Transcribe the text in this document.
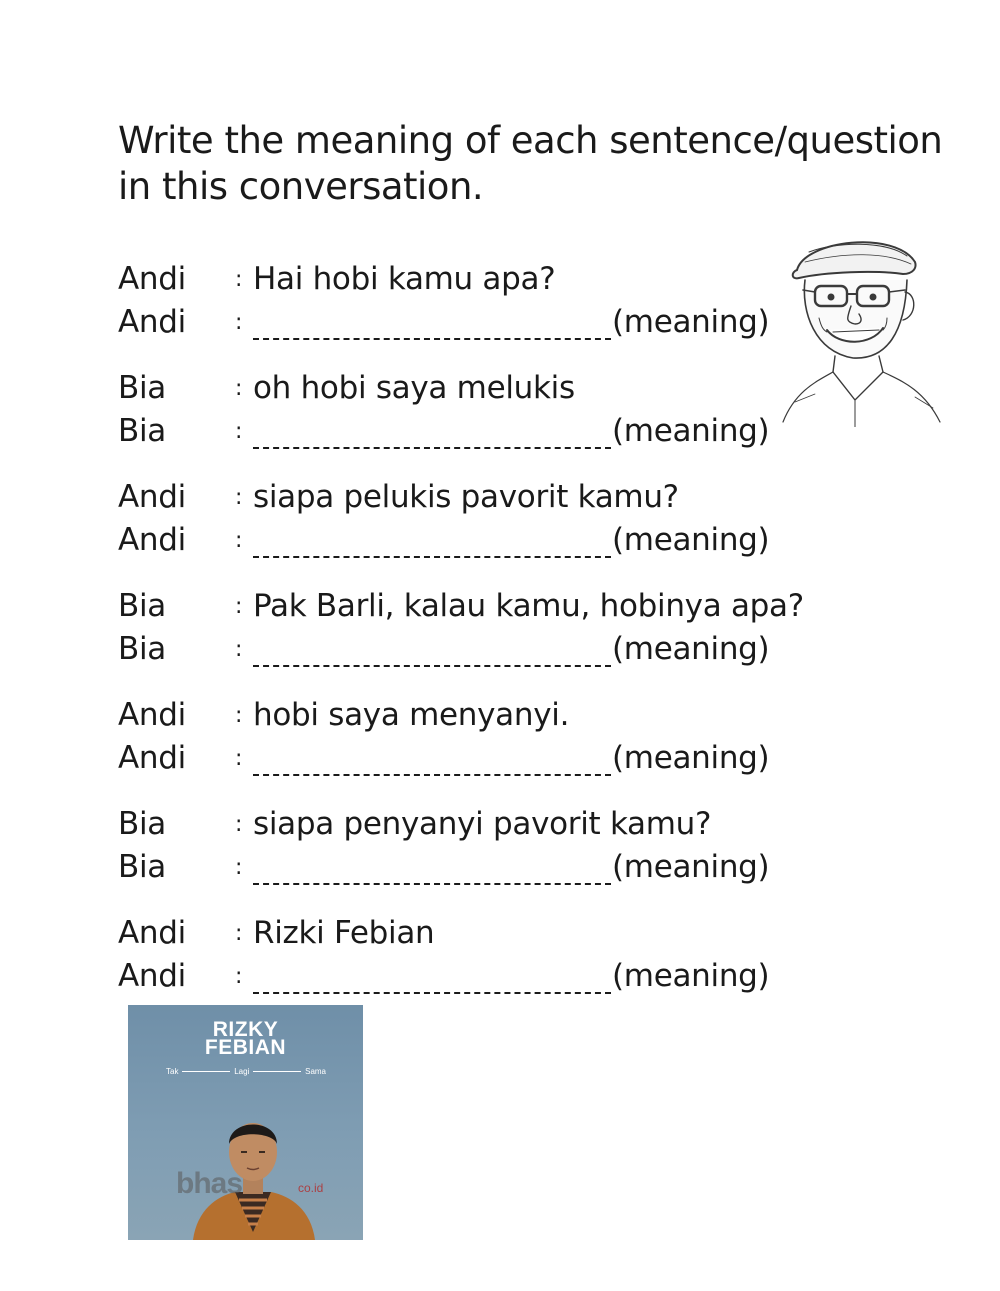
Write the meaning of each sentence/question in this conversation.
Andi : Hai hobi kamu apa?
Andi :	(meaning)
Bia	: oh hobi saya melukis
Bia	:	(meaning)
Andi : siapa pelukis pavorit kamu?
Andi :	(meaning)
Bia	: Pak Barli, kalau kamu, hobinya apa?
Bia	:	(meaning)
Andi : hobi saya menyanyi.
Andi :	(meaning)
Bia	: siapa penyanyi pavorit kamu?
Bia	:	(meaning)
Andi : Rizki Febian
Andi :	(meaning)
RIZKY
FEBIAN
Tak	Lagi	Sama
bhas	co.id
